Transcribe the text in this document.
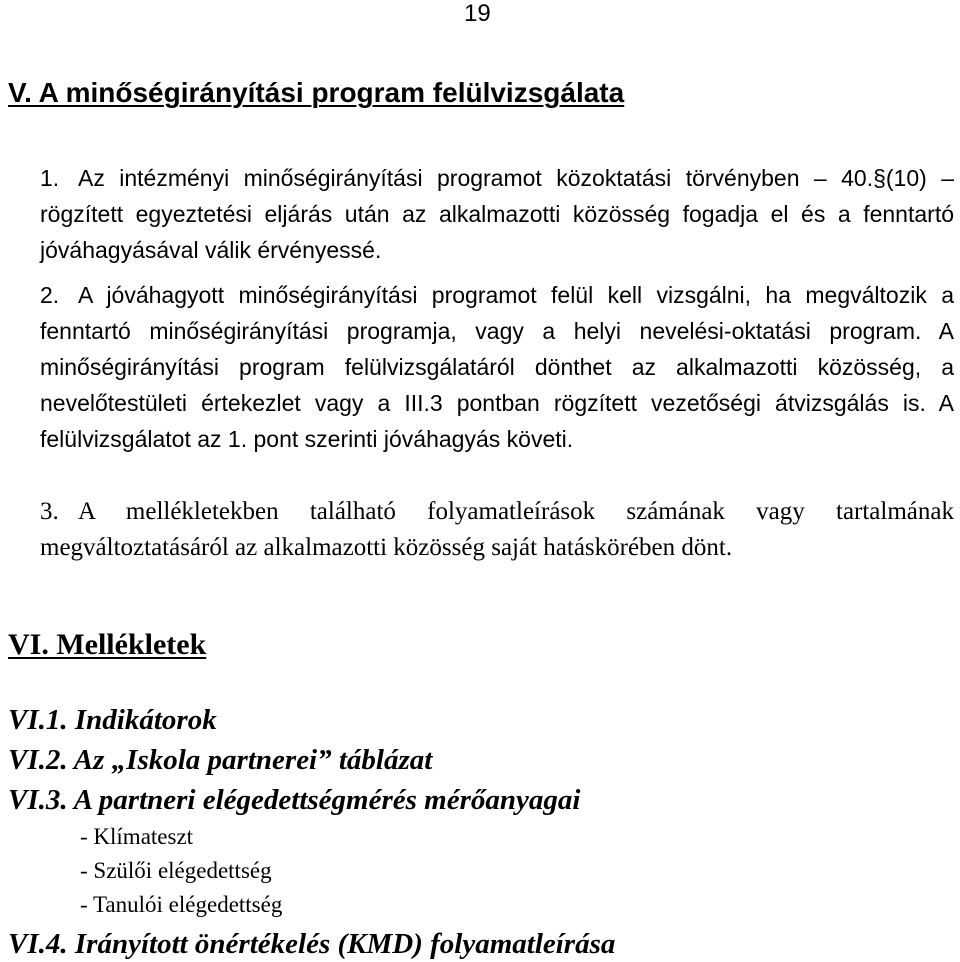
19
V. A minőségirányítási program felülvizsgálata
1. Az intézményi minőségirányítási programot közoktatási törvényben – 40.§(10) – rögzített egyeztetési eljárás után az alkalmazotti közösség fogadja el és a fenntartó jóváhagyásával válik érvényessé.
2. A jóváhagyott minőségirányítási programot felül kell vizsgálni, ha megváltozik a fenntartó minőségirányítási programja, vagy a helyi nevelési-oktatási program. A minőségirányítási program felülvizsgálatáról dönthet az alkalmazotti közösség, a nevelőtestületi értekezlet vagy a III.3 pontban rögzített vezetőségi átvizsgálás is. A felülvizsgálatot az 1. pont szerinti jóváhagyás követi.
3. A mellékletekben található folyamatleírások számának vagy tartalmának megváltoztatásáról az alkalmazotti közösség saját hatáskörében dönt.
VI. Mellékletek
VI.1. Indikátorok
VI.2. Az „Iskola partnerei” táblázat
VI.3. A partneri elégedettségmérés mérőanyagai
- Klímateszt
- Szülői elégedettség
- Tanulói elégedettség
VI.4. Irányított önértékelés (KMD) folyamatleírása
